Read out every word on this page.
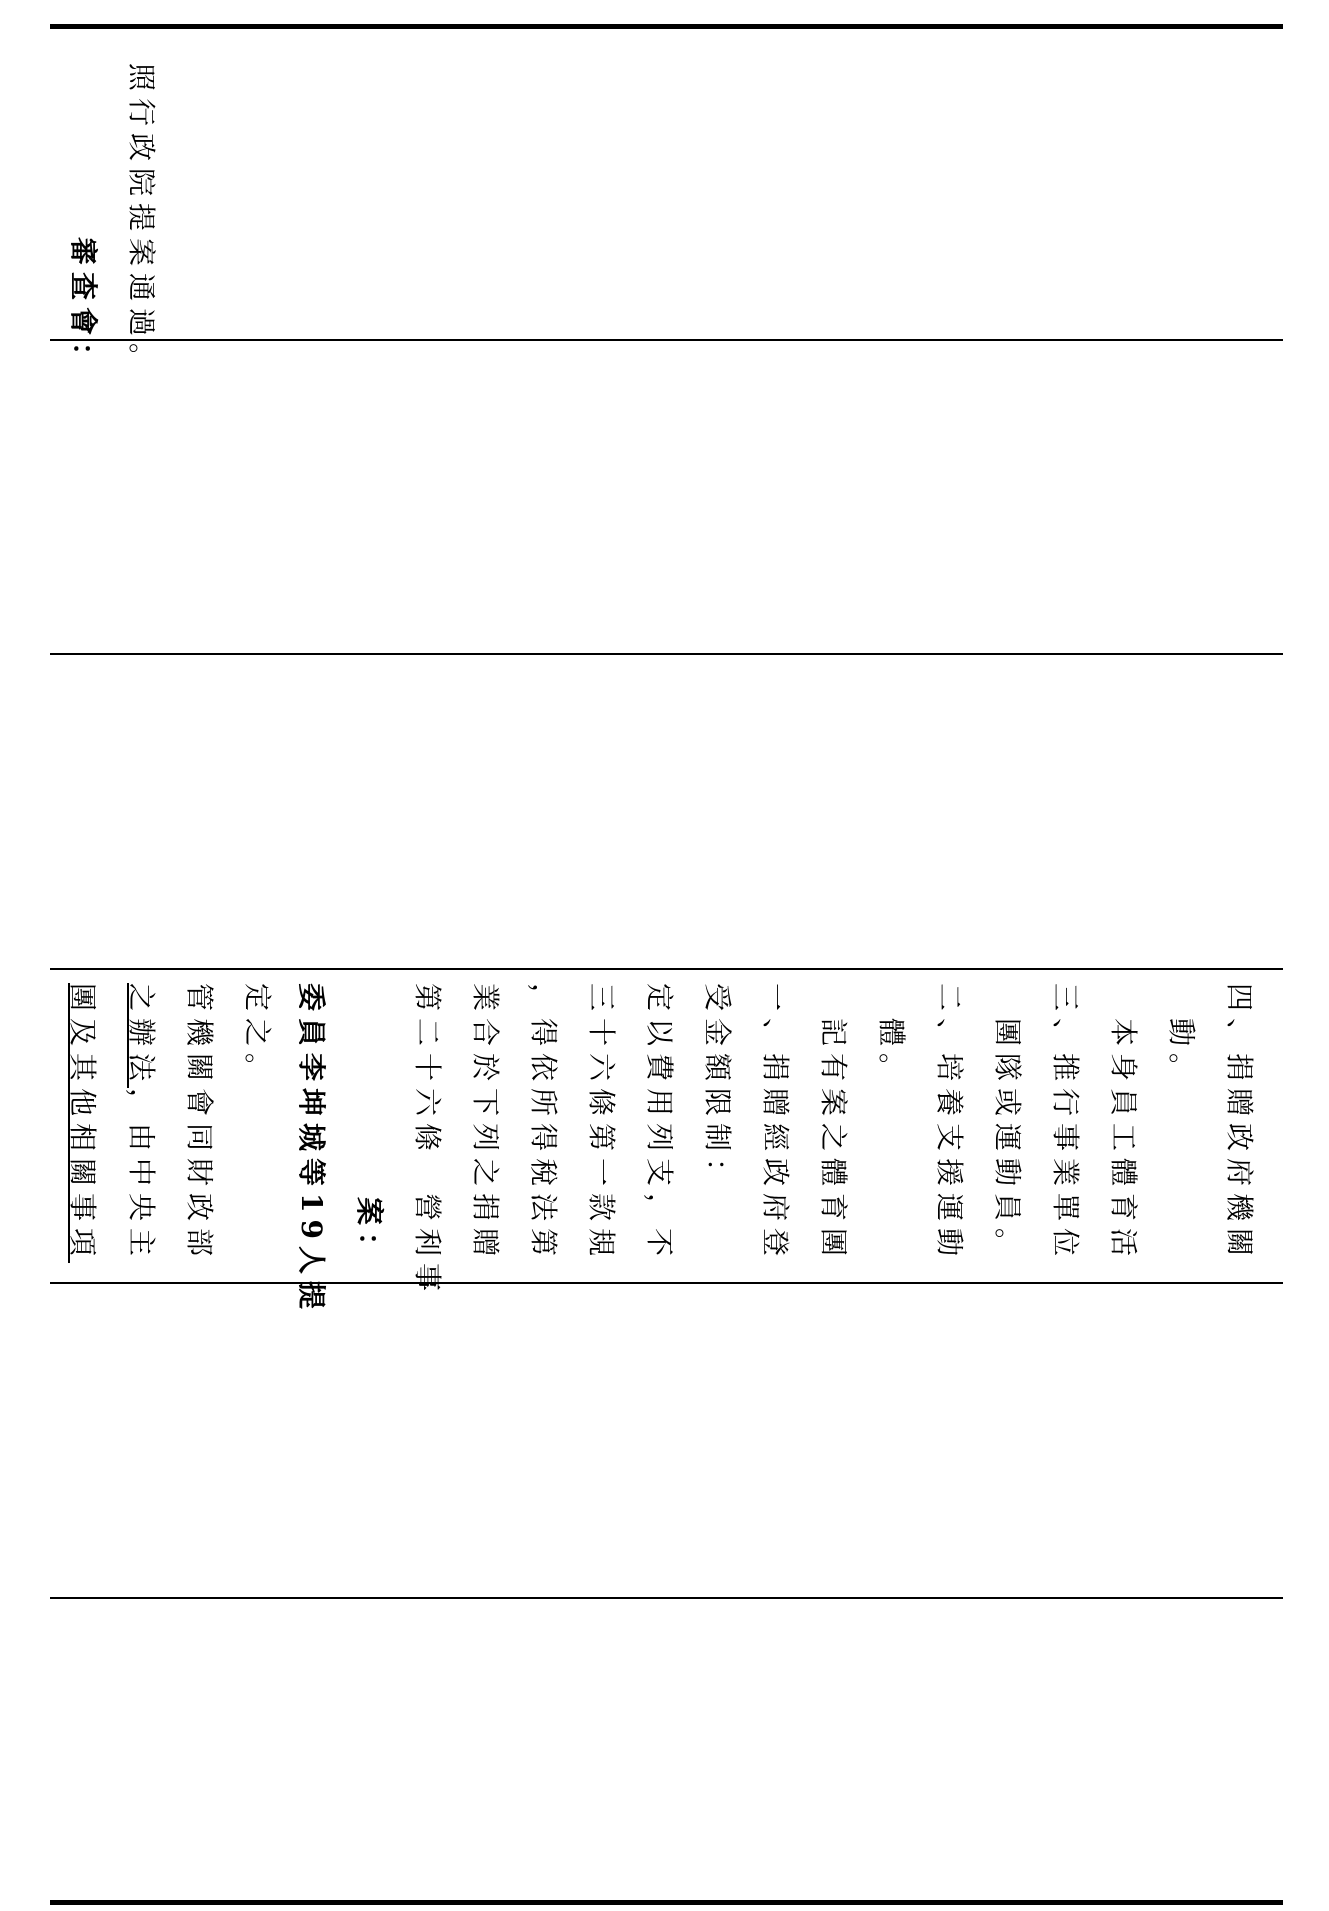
審查會： 照行政院提案通過。
團及其他相關事項 之辦法，由中央主 管機關會同財政部 定之。 委員李坤城等19人提 案： 第二十六條　營利事 業合於下列之捐贈 ，得依所得稅法第 三十六條第一款規 定以費用列支，不 受金額限制： 一、捐贈經政府登 　記有案之體育團 　體。 二、培養支援運動 　團隊或運動員。 三、推行事業單位 　本身員工體育活 　動。 四、捐贈政府機關
